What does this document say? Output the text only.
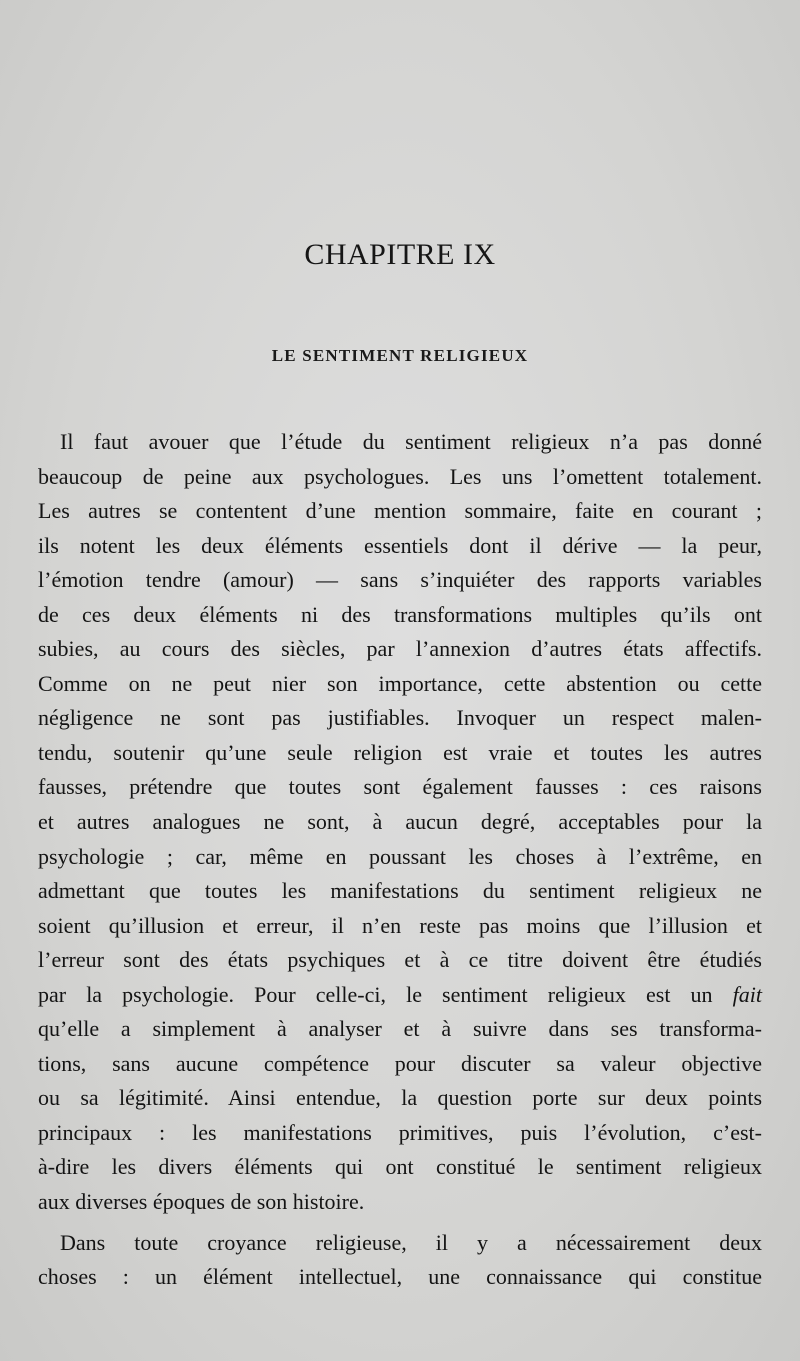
CHAPITRE IX
LE SENTIMENT RELIGIEUX
Il faut avouer que l’étude du sentiment religieux n’a pas donné
beaucoup de peine aux psychologues. Les uns l’omettent totalement.
Les autres se contentent d’une mention sommaire, faite en courant ;
ils notent les deux éléments essentiels dont il dérive — la peur,
l’émotion tendre (amour) — sans s’inquiéter des rapports variables
de ces deux éléments ni des transformations multiples qu’ils ont
subies, au cours des siècles, par l’annexion d’autres états affectifs.
Comme on ne peut nier son importance, cette abstention ou cette
négligence ne sont pas justifiables. Invoquer un respect malen-
tendu, soutenir qu’une seule religion est vraie et toutes les autres
fausses, prétendre que toutes sont également fausses : ces raisons
et autres analogues ne sont, à aucun degré, acceptables pour la
psychologie ; car, même en poussant les choses à l’extrême, en
admettant que toutes les manifestations du sentiment religieux ne
soient qu’illusion et erreur, il n’en reste pas moins que l’illusion et
l’erreur sont des états psychiques et à ce titre doivent être étudiés
par la psychologie. Pour celle-ci, le sentiment religieux est un fait
qu’elle a simplement à analyser et à suivre dans ses transforma-
tions, sans aucune compétence pour discuter sa valeur objective
ou sa légitimité. Ainsi entendue, la question porte sur deux points
principaux : les manifestations primitives, puis l’évolution, c’est-
à-dire les divers éléments qui ont constitué le sentiment religieux
aux diverses époques de son histoire.
Dans toute croyance religieuse, il y a nécessairement deux
choses : un élément intellectuel, une connaissance qui constitue
